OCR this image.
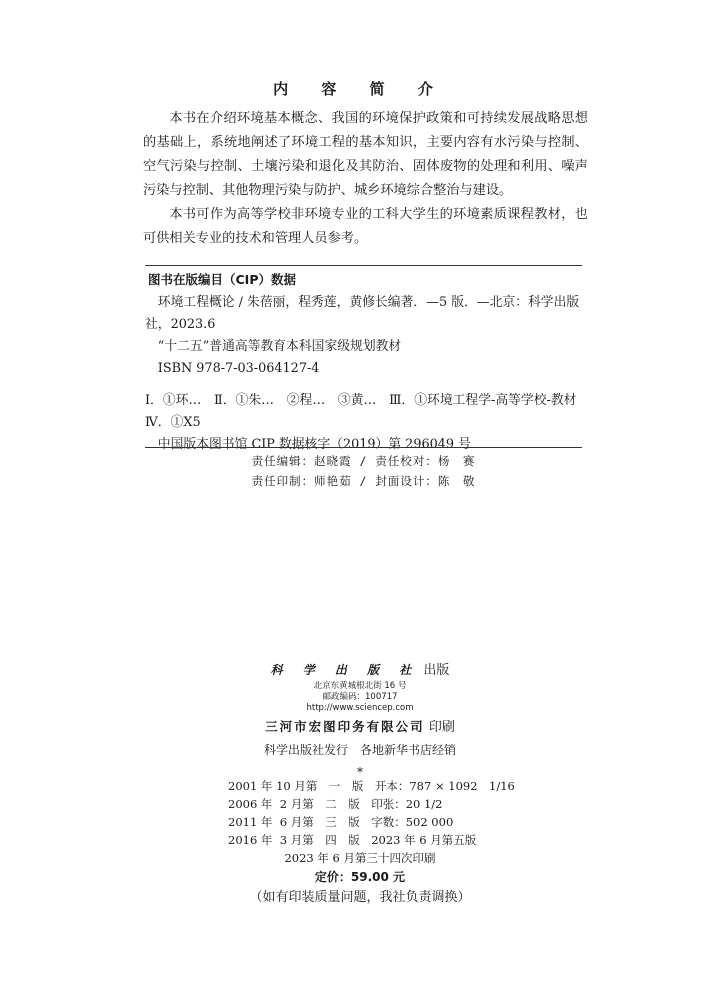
内 容 简 介

本书在介绍环境基本概念、我国的环境保护政策和可持续发展战略思想的基础上，系统地阐述了环境工程的基本知识，主要内容有水污染与控制、空气污染与控制、土壤污染和退化及其防治、固体废物的处理和利用、噪声污染与控制、其他物理污染与防护、城乡环境综合整治与建设。

本书可作为高等学校非环境专业的工科大学生的环境素质课程教材，也可供相关专业的技术和管理人员参考。

图书在版编目（CIP）数据

环境工程概论 / 朱蓓丽，程秀莲，黄修长编著．—5 版．—北京：科学出版社，2023.6

“十二五”普通高等教育本科国家级规划教材

ISBN 978-7-03-064127-4

Ⅰ．①环…　Ⅱ．①朱…　②程…　③黄…　Ⅲ．①环境工程学-高等学校-教材　Ⅳ．①X5

中国版本图书馆 CIP 数据核字（2019）第 296049 号

责任编辑：赵晓霞 / 责任校对：杨　赛
责任印制：师艳茹 / 封面设计：陈　敬
科 学 出 版 社 出版
北京东黄城根北街 16 号
邮政编码：100717
http://www.sciencep.com
三河市宏图印务有限公司 印刷
科学出版社发行　各地新华书店经销
*
2001 年 10 月第　一　版　开本：787 × 1092　1/16
2006 年  2 月第　二　版　印张：20 1/2
2011 年  6 月第　三　版　字数：502 000
2016 年  3 月第　四　版　2023 年 6 月第五版
2023 年 6 月第三十四次印刷
定价：59.00 元
（如有印装质量问题，我社负责调换）
